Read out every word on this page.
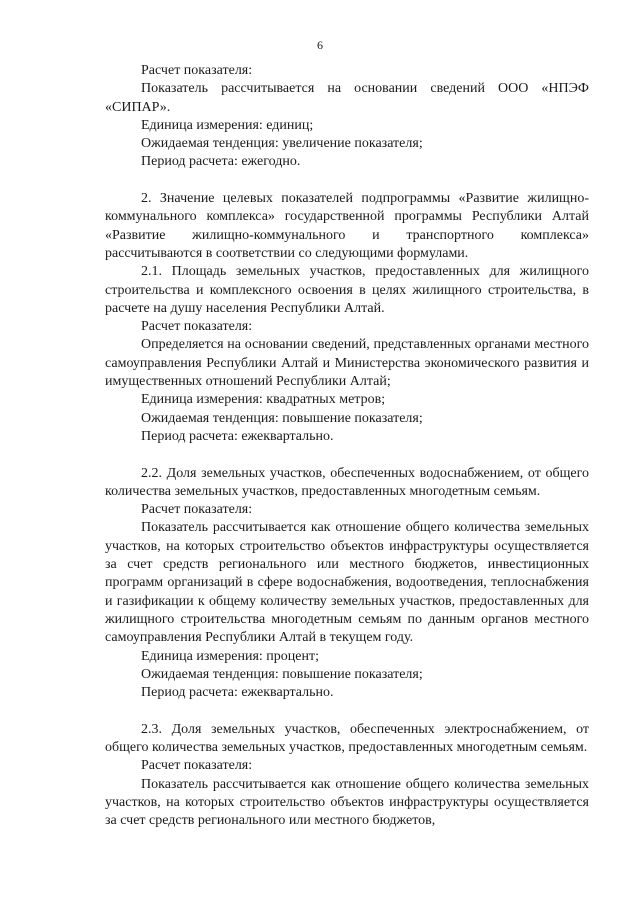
6

Расчет показателя:

Показатель рассчитывается на основании сведений ООО «НПЭФ «СИПАР».

Единица измерения: единиц;

Ожидаемая тенденция: увеличение показателя;

Период расчета: ежегодно.

2. Значение целевых показателей подпрограммы «Развитие жилищно-коммунального комплекса» государственной программы Республики Алтай «Развитие жилищно-коммунального и транспортного комплекса» рассчитываются в соответствии со следующими формулами.

2.1. Площадь земельных участков, предоставленных для жилищного строительства и комплексного освоения в целях жилищного строительства, в расчете на душу населения Республики Алтай.

Расчет показателя:

Определяется на основании сведений, представленных органами местного самоуправления Республики Алтай и Министерства экономического развития и имущественных отношений Республики Алтай;

Единица измерения: квадратных метров;

Ожидаемая тенденция: повышение показателя;

Период расчета: ежеквартально.

2.2. Доля земельных участков, обеспеченных водоснабжением, от общего количества земельных участков, предоставленных многодетным семьям.

Расчет показателя:

Показатель рассчитывается как отношение общего количества земельных участков, на которых строительство объектов инфраструктуры осуществляется за счет средств регионального или местного бюджетов, инвестиционных программ организаций в сфере водоснабжения, водоотведения, теплоснабжения и газификации к общему количеству земельных участков, предоставленных для жилищного строительства многодетным семьям по данным органов местного самоуправления Республики Алтай в текущем году.

Единица измерения: процент;

Ожидаемая тенденция: повышение показателя;

Период расчета: ежеквартально.

2.3. Доля земельных участков, обеспеченных электроснабжением, от общего количества земельных участков, предоставленных многодетным семьям.

Расчет показателя:

Показатель рассчитывается как отношение общего количества земельных участков, на которых строительство объектов инфраструктуры осуществляется за счет средств регионального или местного бюджетов,
